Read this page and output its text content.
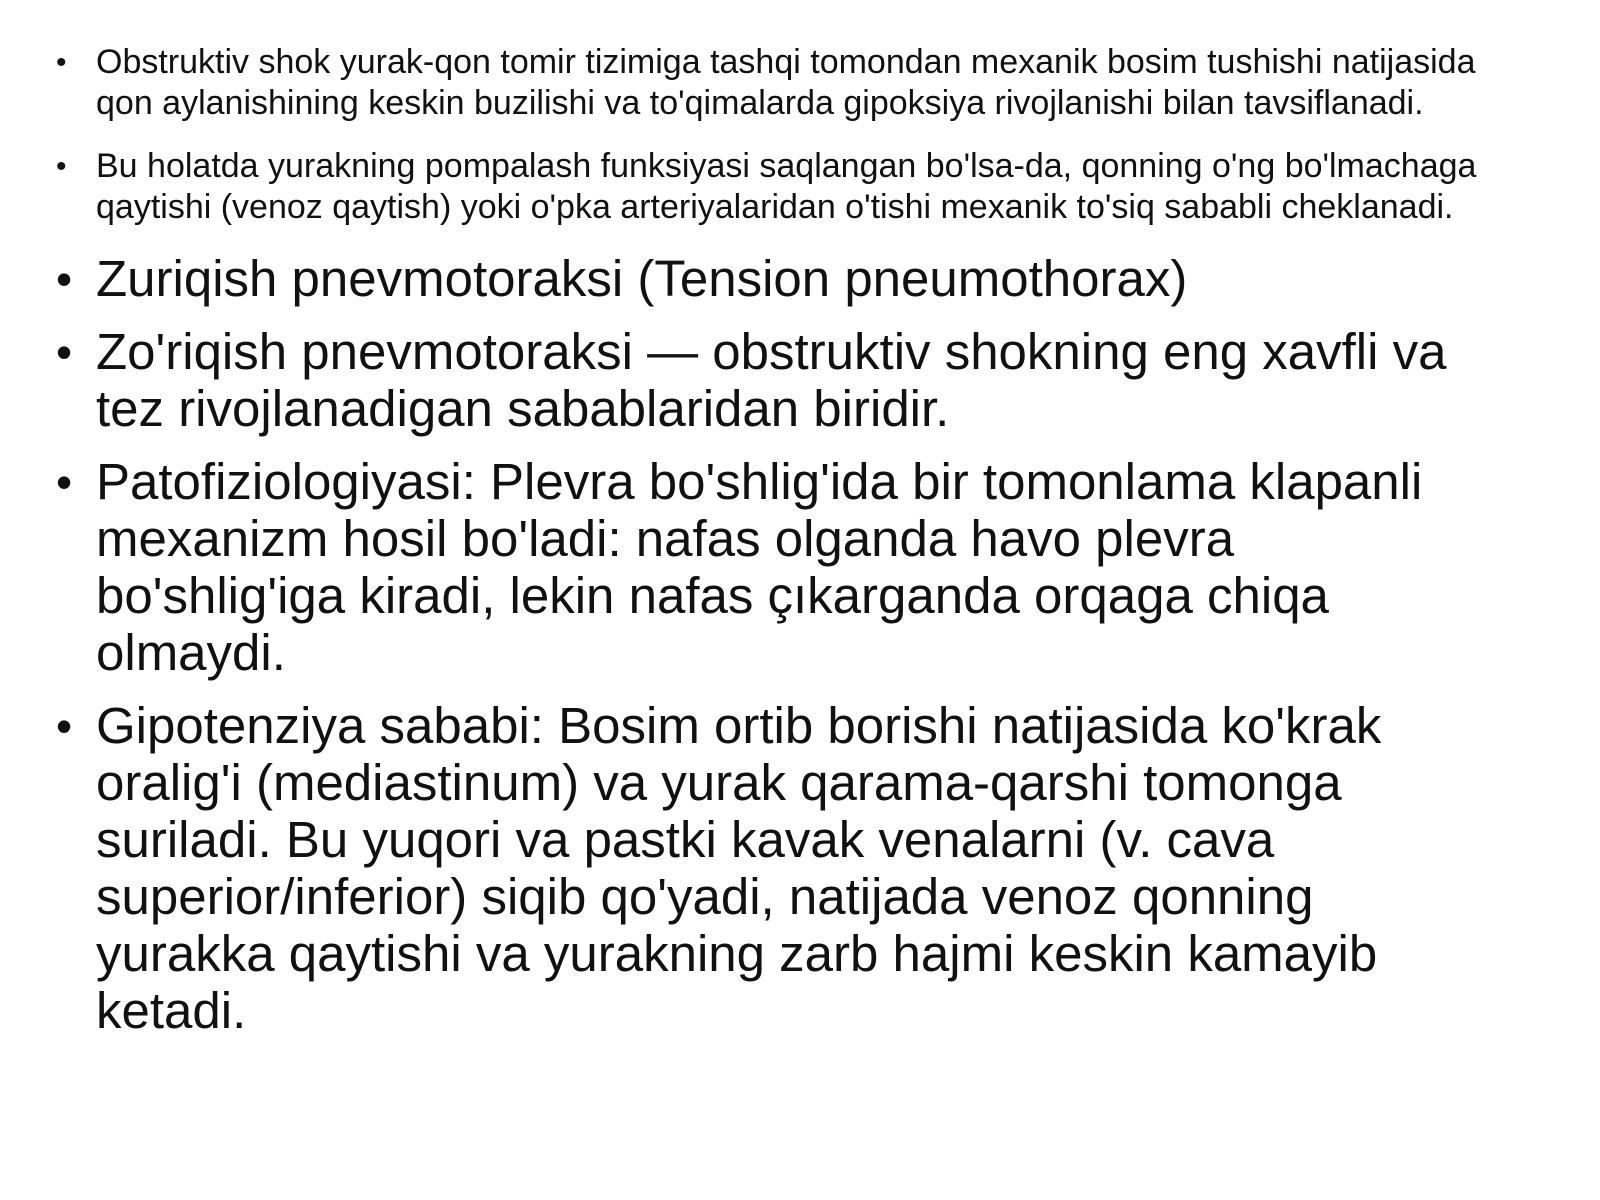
• Obstruktiv shok yurak-qon tomir tizimiga tashqi tomondan mexanik bosim tushishi natijasida qon aylanishining keskin buzilishi va to'qimalarda gipoksiya rivojlanishi bilan tavsiflanadi.
• Bu holatda yurakning pompalash funksiyasi saqlangan bo'lsa-da, qonning o'ng bo'lmachaga qaytishi (venoz qaytish) yoki o'pka arteriyalaridan o'tishi mexanik to'siq sababli cheklanadi.
• Zuriqish pnevmotoraksi (Tension pneumothorax)
• Zo'riqish pnevmotoraksi — obstruktiv shokning eng xavfli va tez rivojlanadigan sabablaridan biridir.
• Patofiziologiyasi: Plevra bo'shlig'ida bir tomonlama klapanli mexanizm hosil bo'ladi: nafas olganda havo plevra bo'shlig'iga kiradi, lekin nafas çıkarganda orqaga chiqa olmaydi.
• Gipotenziya sababi: Bosim ortib borishi natijasida ko'krak oralig'i (mediastinum) va yurak qarama-qarshi tomonga suriladi. Bu yuqori va pastki kavak venalarni (v. cava superior/inferior) siqib qo'yadi, natijada venoz qonning yurakka qaytishi va yurakning zarb hajmi keskin kamayib ketadi.
